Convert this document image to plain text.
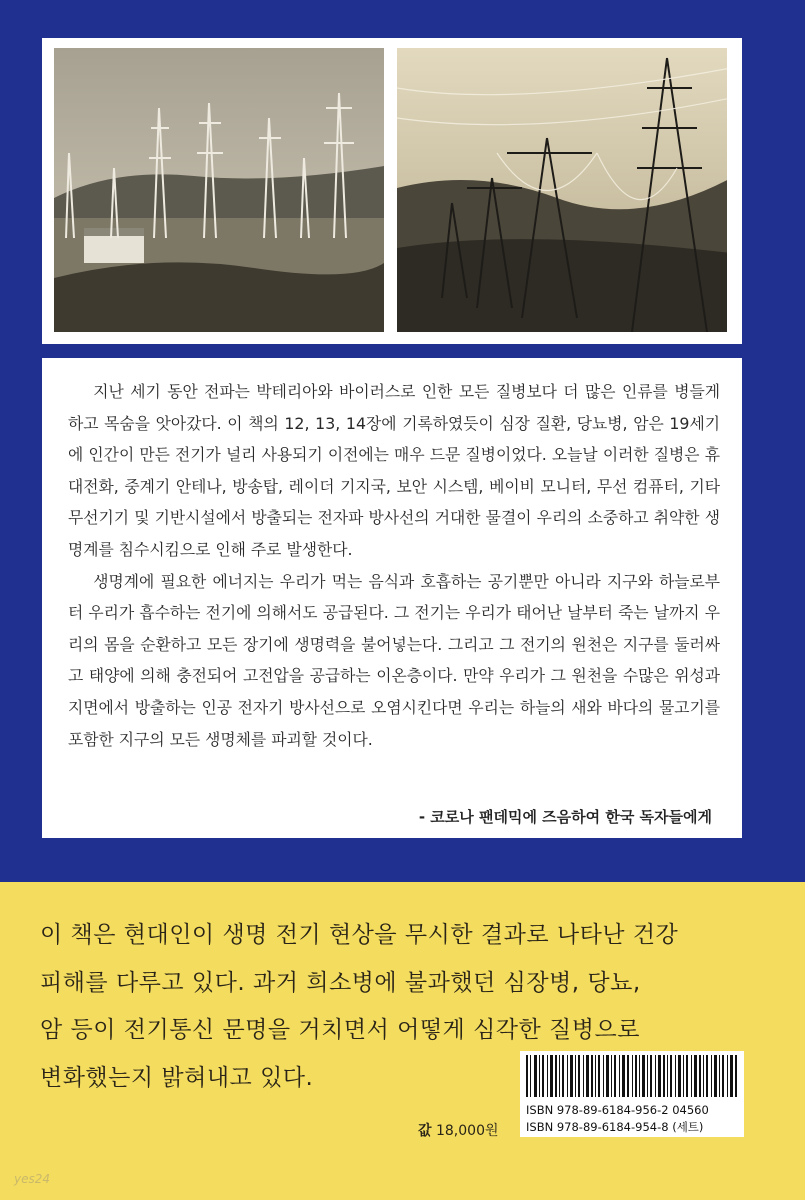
지난 세기 동안 전파는 박테리아와 바이러스로 인한 모든 질병보다 더 많은 인류를 병들게 하고 목숨을 앗아갔다. 이 책의 12, 13, 14장에 기록하였듯이 심장 질환, 당뇨병, 암은 19세기에 인간이 만든 전기가 널리 사용되기 이전에는 매우 드문 질병이었다. 오늘날 이러한 질병은 휴대전화, 중계기 안테나, 방송탑, 레이더 기지국, 보안 시스템, 베이비 모니터, 무선 컴퓨터, 기타 무선기기 및 기반시설에서 방출되는 전자파 방사선의 거대한 물결이 우리의 소중하고 취약한 생명계를 침수시킴으로 인해 주로 발생한다.

생명계에 필요한 에너지는 우리가 먹는 음식과 호흡하는 공기뿐만 아니라 지구와 하늘로부터 우리가 흡수하는 전기에 의해서도 공급된다. 그 전기는 우리가 태어난 날부터 죽는 날까지 우리의 몸을 순환하고 모든 장기에 생명력을 불어넣는다. 그리고 그 전기의 원천은 지구를 둘러싸고 태양에 의해 충전되어 고전압을 공급하는 이온층이다. 만약 우리가 그 원천을 수많은 위성과 지면에서 방출하는 인공 전자기 방사선으로 오염시킨다면 우리는 하늘의 새와 바다의 물고기를 포함한 지구의 모든 생명체를 파괴할 것이다.

- 코로나 팬데믹에 즈음하여 한국 독자들에게
이 책은 현대인이 생명 전기 현상을 무시한 결과로 나타난 건강
피해를 다루고 있다. 과거 희소병에 불과했던 심장병, 당뇨,
암 등이 전기통신 문명을 거치면서 어떻게 심각한 질병으로
변화했는지 밝혀내고 있다.
값 18,000원
ISBN 978-89-6184-956-2 04560
ISBN 978-89-6184-954-8 (세트)
yes24
